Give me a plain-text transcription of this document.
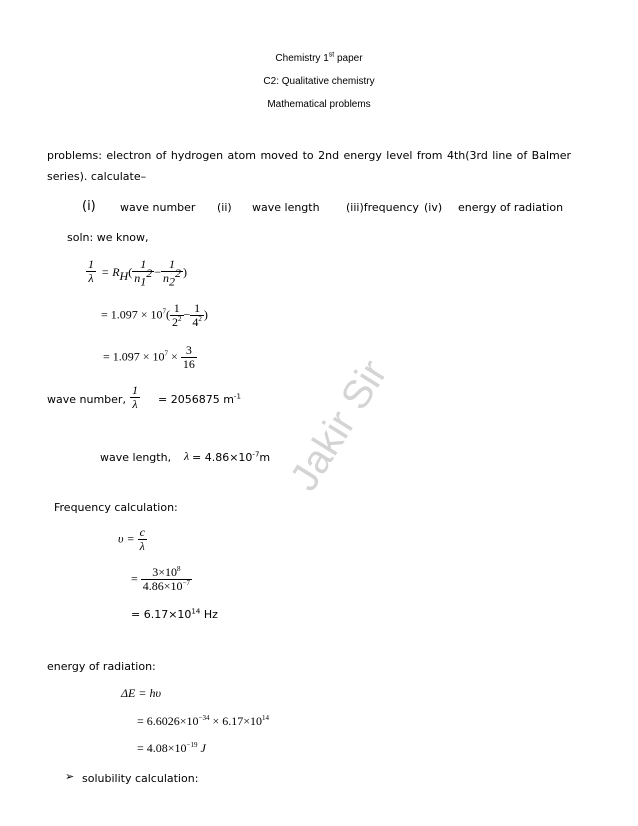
Chemistry 1st paper
C2: Qualitative chemistry
Mathematical problems
problems: electron of hydrogen atom moved to 2nd energy level from 4th(3rd line of Balmer
series). calculate–
(i) wave number (ii) wave length (iii)frequency (iv) energy of radiation
soln: we know,
$\frac{1}{\lambda} = R_H( \frac{1}{n_1^2} - \frac{1}{n_2^2}$ )
= $1.097 \times 10^7( \frac{1}{2^2} - \frac{1}{4^2}$ )
= $1.097 \times 10^7 \times \frac{3}{16}$
wave number, $\frac{1}{\lambda} = 2056875$ $m^{-1}$
wave length, $\lambda = 4.86\times 10^{-7}m$
Frequency calculation:
$\upsilon = \frac{c}{\lambda}$
= $\frac{3\times 10^8}{4.86\times 10^{-7}}$
= $6.17\times 10^{14}$ Hz
energy of radiation:
ΔE = hυ
= $6.6026\times 10^{-34} \times 6.17\times 10^{14}$
= $4.08\times 10^{-19}$ J
➢ solubility calculation:
Jakir Sir
